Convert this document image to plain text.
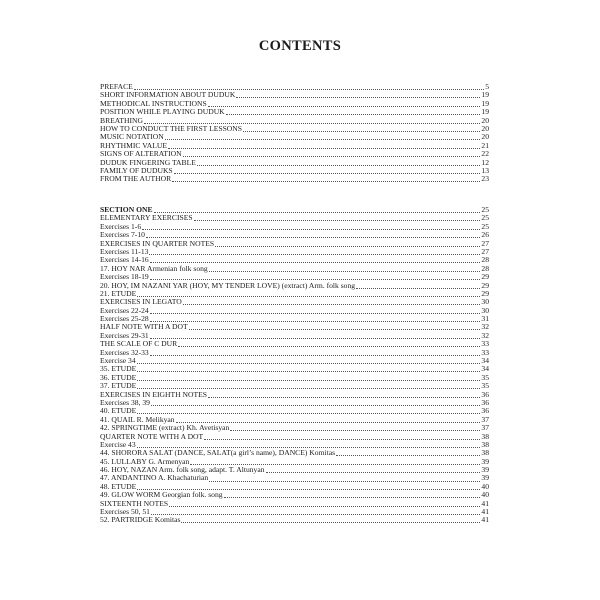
CONTENTS
PREFACE	5
SHORT INFORMATION ABOUT DUDUK	19
METHODICAL INSTRUCTIONS	19
POSITION WHILE PLAYING DUDUK	19
BREATHING	20
HOW TO CONDUCT THE FIRST LESSONS	20
MUSIC NOTATION	20
RHYTHMIC VALUE	21
SIGNS OF ALTERATION	22
DUDUK FINGERING TABLE	12
FAMILY OF DUDUKS	13
FROM THE AUTHOR	23
SECTION ONE	25
ELEMENTARY EXERCISES	25
Exercises 1-6	25
Exercises 7-10	26
EXERCISES IN QUARTER NOTES	27
Exercises 11-13	27
Exercises 14-16	28
17. HOY NAR Armenian folk song	28
Exercises 18-19	29
20. HOY, IM NAZANI YAR (HOY, MY TENDER LOVE) (extract) Arm. folk song	29
21. ETUDE	29
EXERCISES IN LEGATO	30
Exercises 22-24	30
Exercises 25-28	31
HALF NOTE WITH A DOT	32
Exercises 29-31	32
THE SCALE OF C DUR	33
Exercises 32-33	33
Exercise 34	34
35. ETUDE	34
36. ETUDE	35
37. ETUDE	35
EXERCISES IN EIGHTH NOTES	36
Exercises 38, 39	36
40. ETUDE	36
41. QUAIL R. Melikyan	37
42. SPRINGTIME (extract) Kh. Avetisyan	37
QUARTER NOTE WITH A DOT	38
Exercise 43	38
44. SHORORA SALAT (DANCE, SALAT(a girl’s name), DANCE) Komitas	38
45. LULLABY G. Armenyan	39
46. HOY, NAZAN Arm. folk song, adapt. T. Altunyan	39
47. ANDANTINO A. Khachaturian	39
48. ETUDE	40
49. GLOW WORM Georgian folk. song	40
SIXTEENTH NOTES	41
Exercises 50, 51	41
52. PARTRIDGE Komitas	41
